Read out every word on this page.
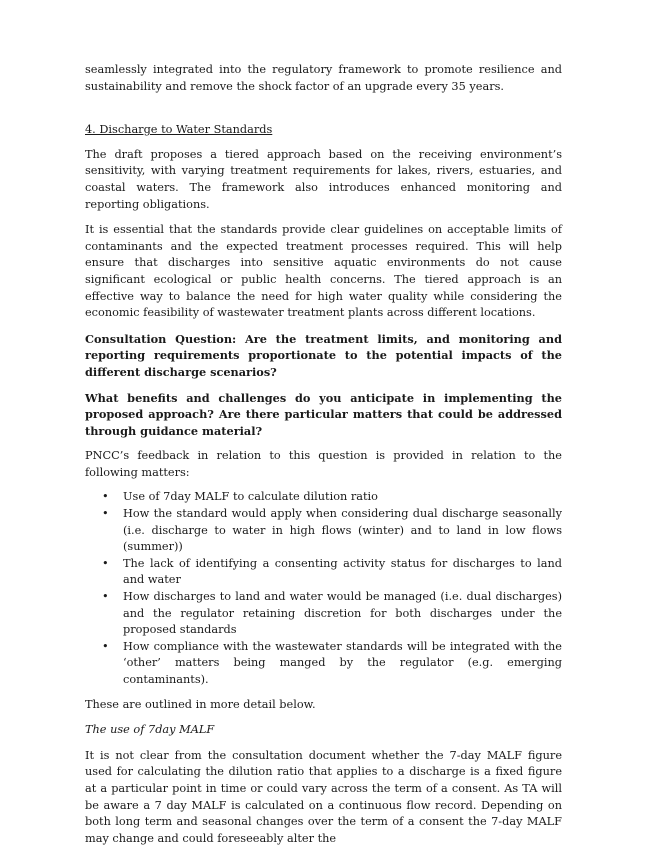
seamlessly integrated into the regulatory framework to promote resilience and sustainability and remove the shock factor of an upgrade every 35 years.

4. Discharge to Water Standards

The draft proposes a tiered approach based on the receiving environment’s sensitivity, with varying treatment requirements for lakes, rivers, estuaries, and coastal waters. The framework also introduces enhanced monitoring and reporting obligations.

It is essential that the standards provide clear guidelines on acceptable limits of contaminants and the expected treatment processes required. This will help ensure that discharges into sensitive aquatic environments do not cause significant ecological or public health concerns. The tiered approach is an effective way to balance the need for high water quality while considering the economic feasibility of wastewater treatment plants across different locations.

Consultation Question: Are the treatment limits, and monitoring and reporting requirements proportionate to the potential impacts of the different discharge scenarios?

What benefits and challenges do you anticipate in implementing the proposed approach? Are there particular matters that could be addressed through guidance material?

PNCC’s feedback in relation to this question is provided in relation to the following matters:

• Use of 7day MALF to calculate dilution ratio
• How the standard would apply when considering dual discharge seasonally (i.e. discharge to water in high flows (winter) and to land in low flows (summer))
• The lack of identifying a consenting activity status for discharges to land and water
• How discharges to land and water would be managed (i.e. dual discharges) and the regulator retaining discretion for both discharges under the proposed standards
• How compliance with the wastewater standards will be integrated with the ‘other’ matters being manged by the regulator (e.g. emerging contaminants).

These are outlined in more detail below.

The use of 7day MALF

It is not clear from the consultation document whether the 7-day MALF figure used for calculating the dilution ratio that applies to a discharge is a fixed figure at a particular point in time or could vary across the term of a consent. As TA will be aware a 7 day MALF is calculated on a continuous flow record. Depending on both long term and seasonal changes over the term of a consent the 7-day MALF may change and could foreseeably alter the
